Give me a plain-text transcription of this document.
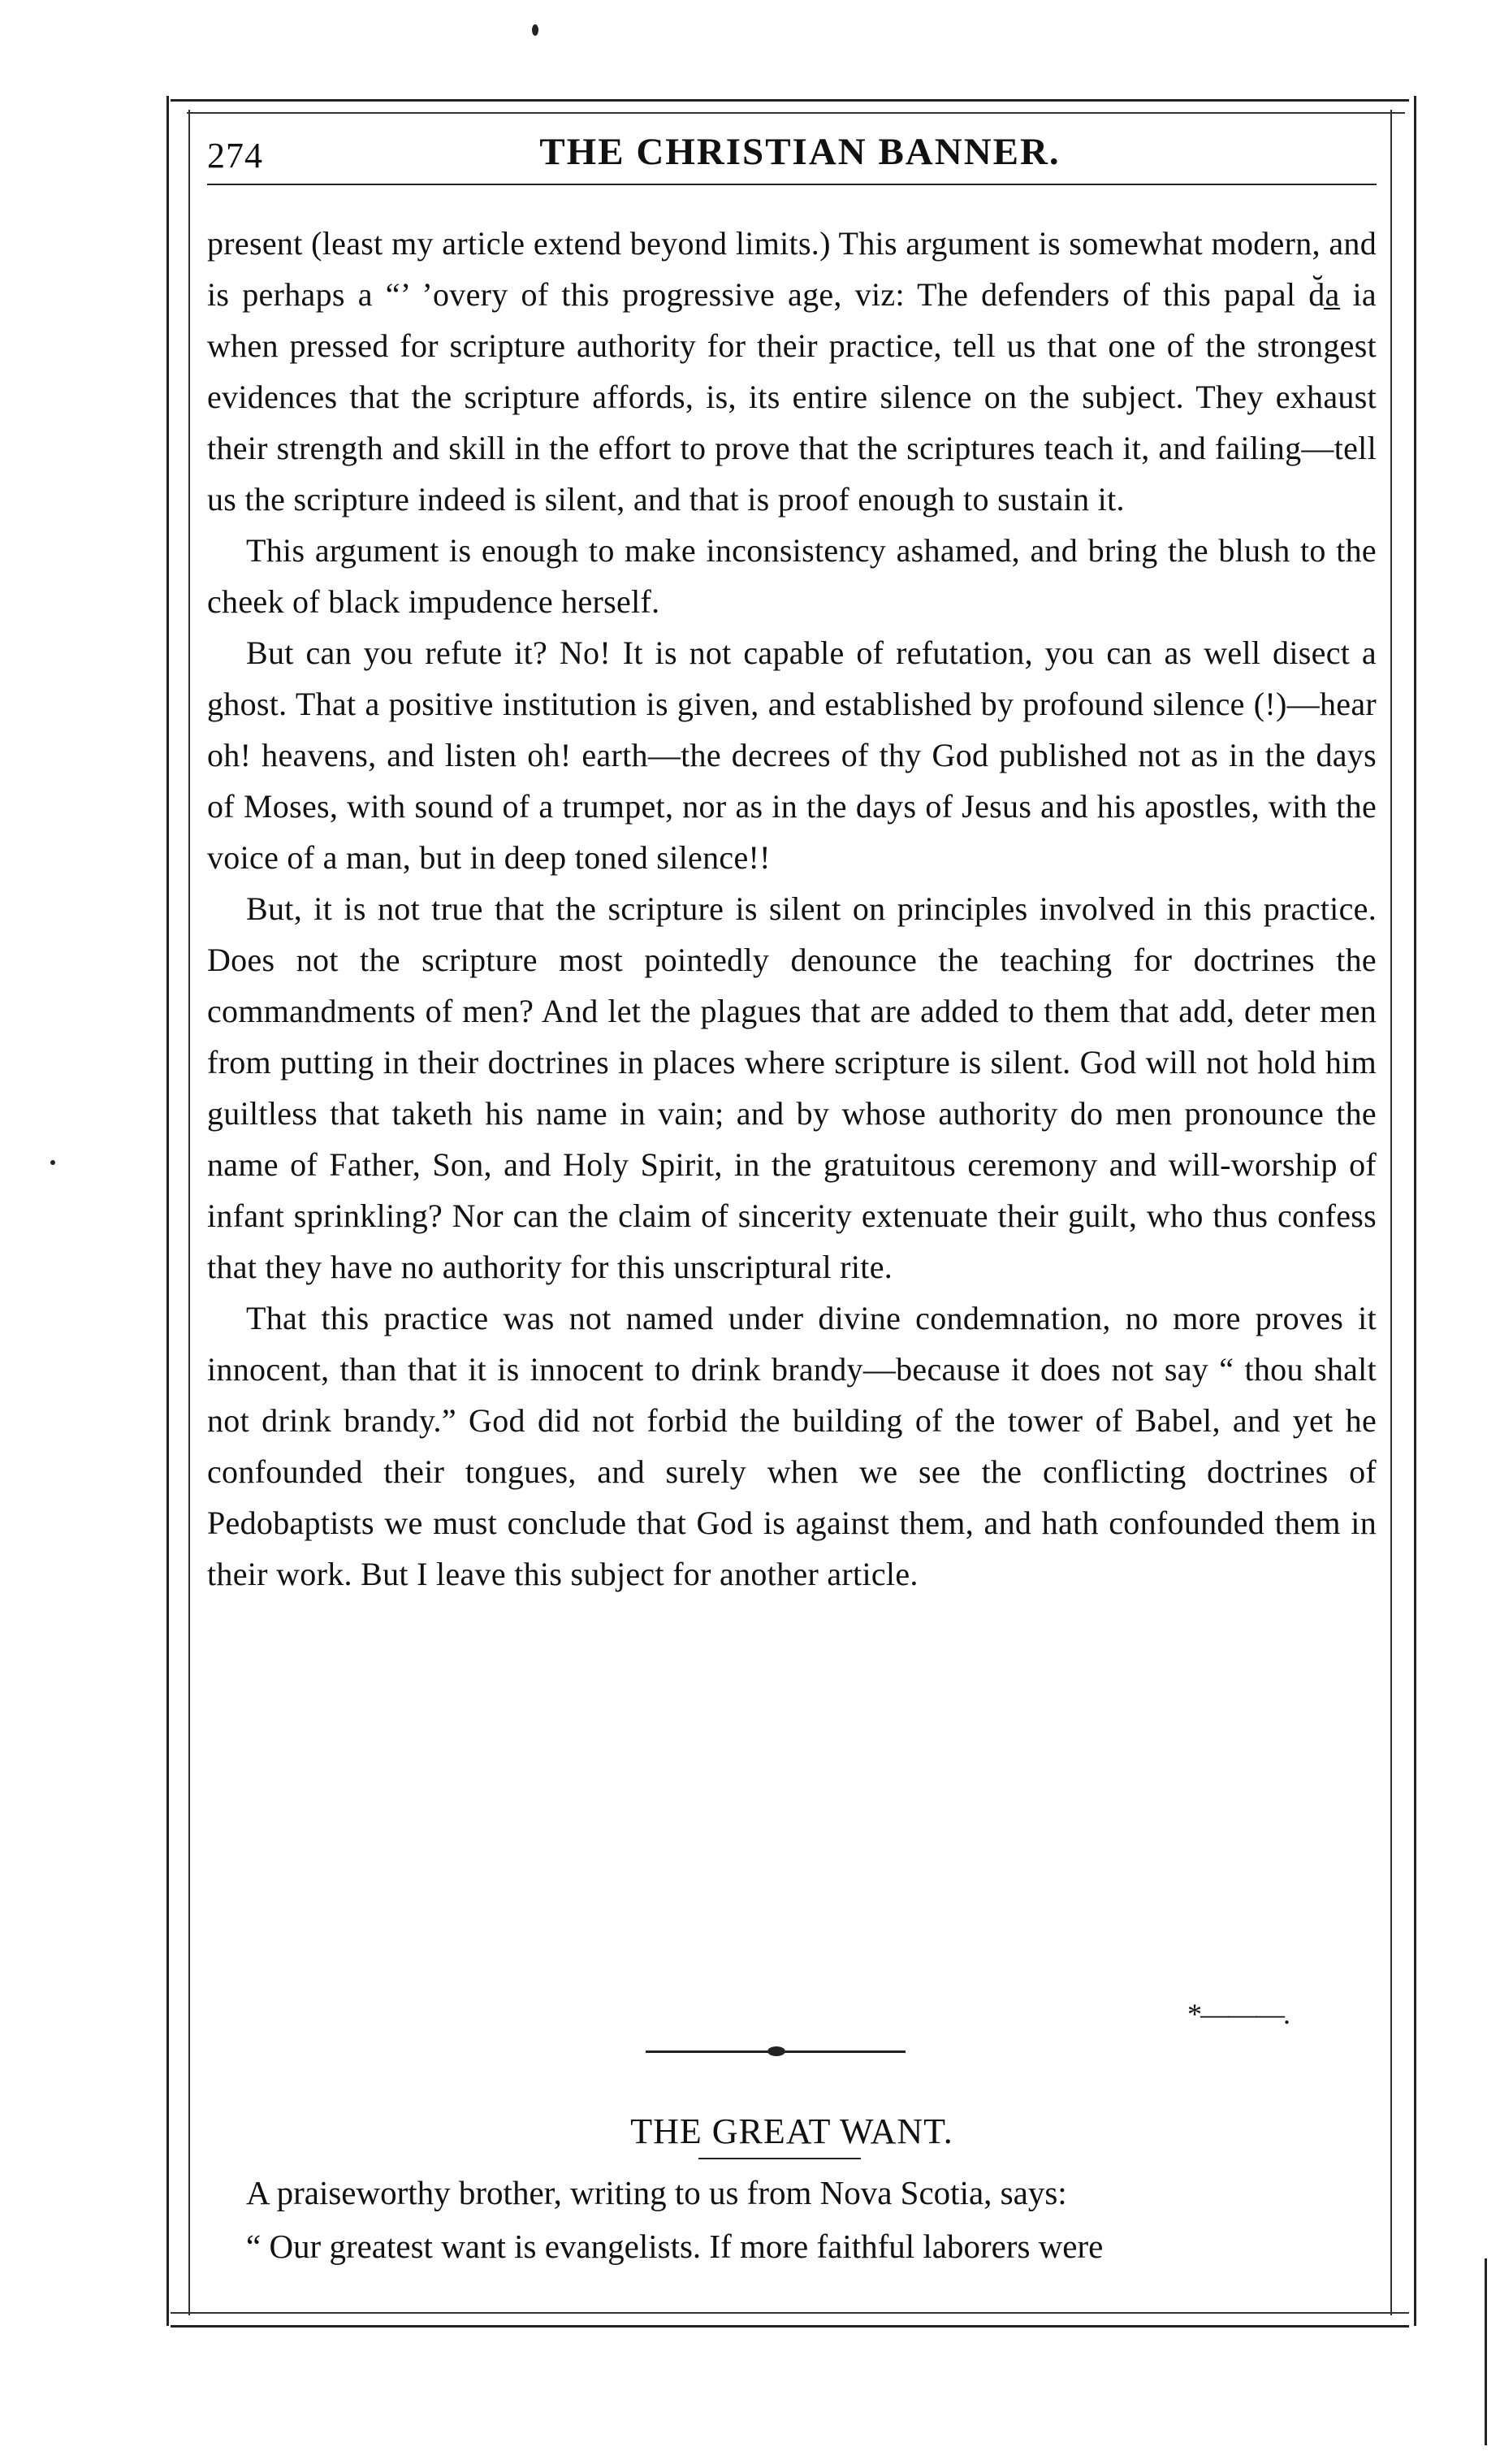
274	THE CHRISTIAN BANNER.

present (least my article extend beyond limits.) This argument is somewhat modern, and is perhaps a “’ ’overy of this progressive age, viz: The defenders of this papal d̆a̲ ia when pressed for scripture authority for their practice, tell us that one of the strongest evidences that the scripture affords, is, its entire silence on the subject. They exhaust their strength and skill in the effort to prove that the scriptures teach it, and failing—tell us the scripture indeed is silent, and that is proof enough to sustain it.

This argument is enough to make inconsistency ashamed, and bring the blush to the cheek of black impudence herself.

But can you refute it? No! It is not capable of refutation, you can as well disect a ghost. That a positive institution is given, and established by profound silence (!)—hear oh! heavens, and listen oh! earth—the decrees of thy God published not as in the days of Moses, with sound of a trumpet, nor as in the days of Jesus and his apostles, with the voice of a man, but in deep toned silence!!

But, it is not true that the scripture is silent on principles involved in this practice. Does not the scripture most pointedly denounce the teaching for doctrines the commandments of men? And let the plagues that are added to them that add, deter men from putting in their doctrines in places where scripture is silent. God will not hold him guiltless that taketh his name in vain; and by whose authority do men pronounce the name of Father, Son, and Holy Spirit, in the gratuitous ceremony and will-worship of infant sprinkling? Nor can the claim of sincerity extenuate their guilt, who thus confess that they have no authority for this unscriptural rite.

That this practice was not named under divine condemnation, no more proves it innocent, than that it is innocent to drink brandy—because it does not say “ thou shalt not drink brandy.” God did not forbid the building of the tower of Babel, and yet he confounded their tongues, and surely when we see the conflicting doctrines of Pedobaptists we must conclude that God is against them, and hath confounded them in their work. But I leave this subject for another article.

*———.
THE GREAT WANT.

A praiseworthy brother, writing to us from Nova Scotia, says:

“ Our greatest want is evangelists. If more faithful laborers were
